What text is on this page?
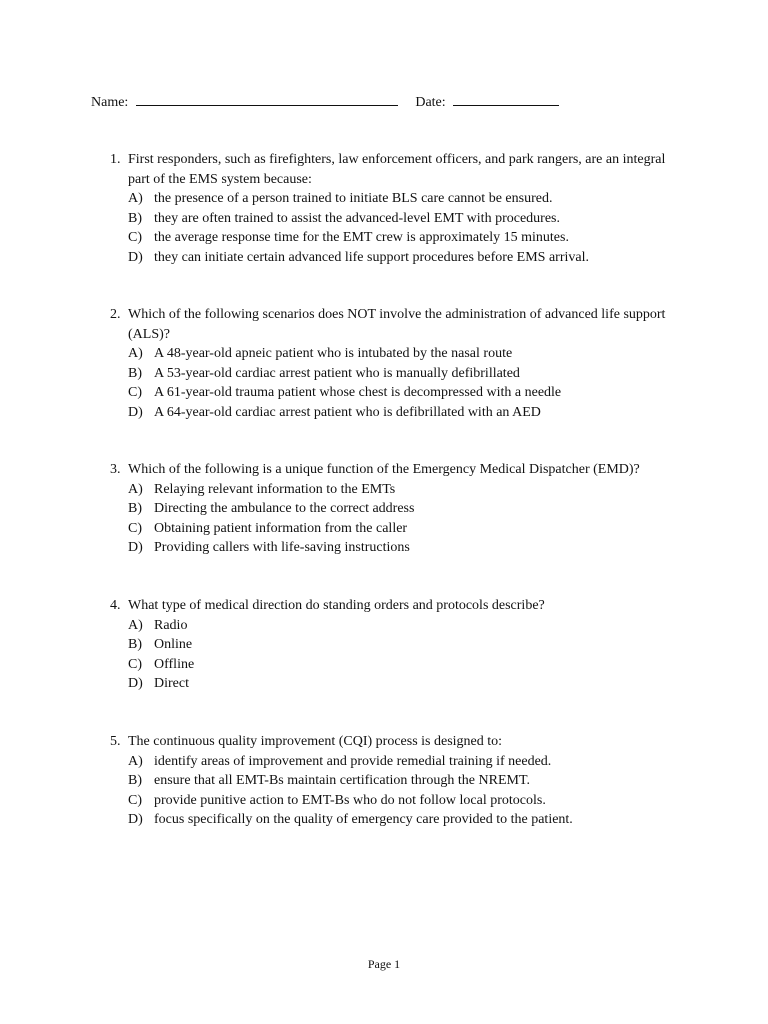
Name:	Date:
1. First responders, such as firefighters, law enforcement officers, and park rangers, are an integral part of the EMS system because:
A) the presence of a person trained to initiate BLS care cannot be ensured.
B) they are often trained to assist the advanced-level EMT with procedures.
C) the average response time for the EMT crew is approximately 15 minutes.
D) they can initiate certain advanced life support procedures before EMS arrival.
2. Which of the following scenarios does NOT involve the administration of advanced life support (ALS)?
A) A 48-year-old apneic patient who is intubated by the nasal route
B) A 53-year-old cardiac arrest patient who is manually defibrillated
C) A 61-year-old trauma patient whose chest is decompressed with a needle
D) A 64-year-old cardiac arrest patient who is defibrillated with an AED
3. Which of the following is a unique function of the Emergency Medical Dispatcher (EMD)?
A) Relaying relevant information to the EMTs
B) Directing the ambulance to the correct address
C) Obtaining patient information from the caller
D) Providing callers with life-saving instructions
4. What type of medical direction do standing orders and protocols describe?
A) Radio
B) Online
C) Offline
D) Direct
5. The continuous quality improvement (CQI) process is designed to:
A) identify areas of improvement and provide remedial training if needed.
B) ensure that all EMT-Bs maintain certification through the NREMT.
C) provide punitive action to EMT-Bs who do not follow local protocols.
D) focus specifically on the quality of emergency care provided to the patient.
Page 1
